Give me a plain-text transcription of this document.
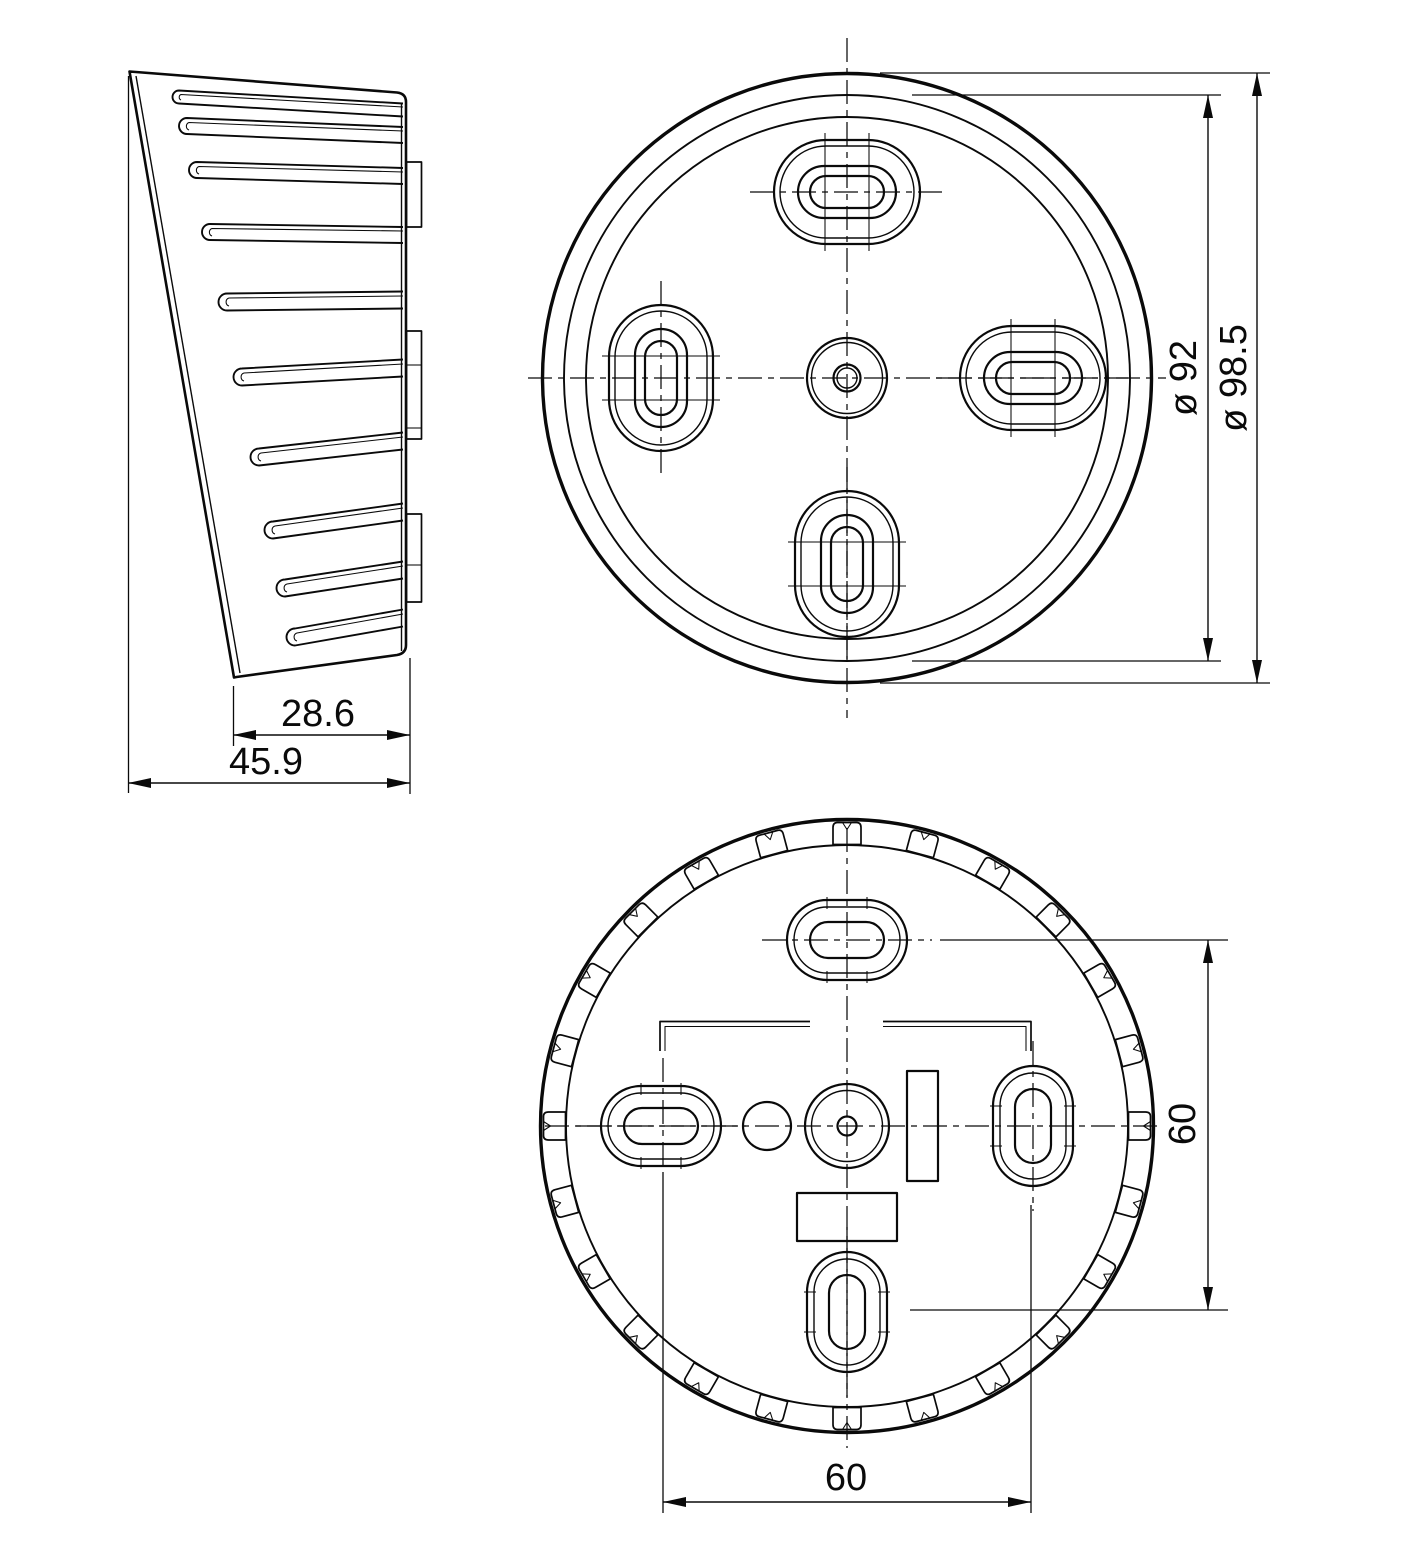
28.6
45.9
ø 92 ø 98.5
60
60
